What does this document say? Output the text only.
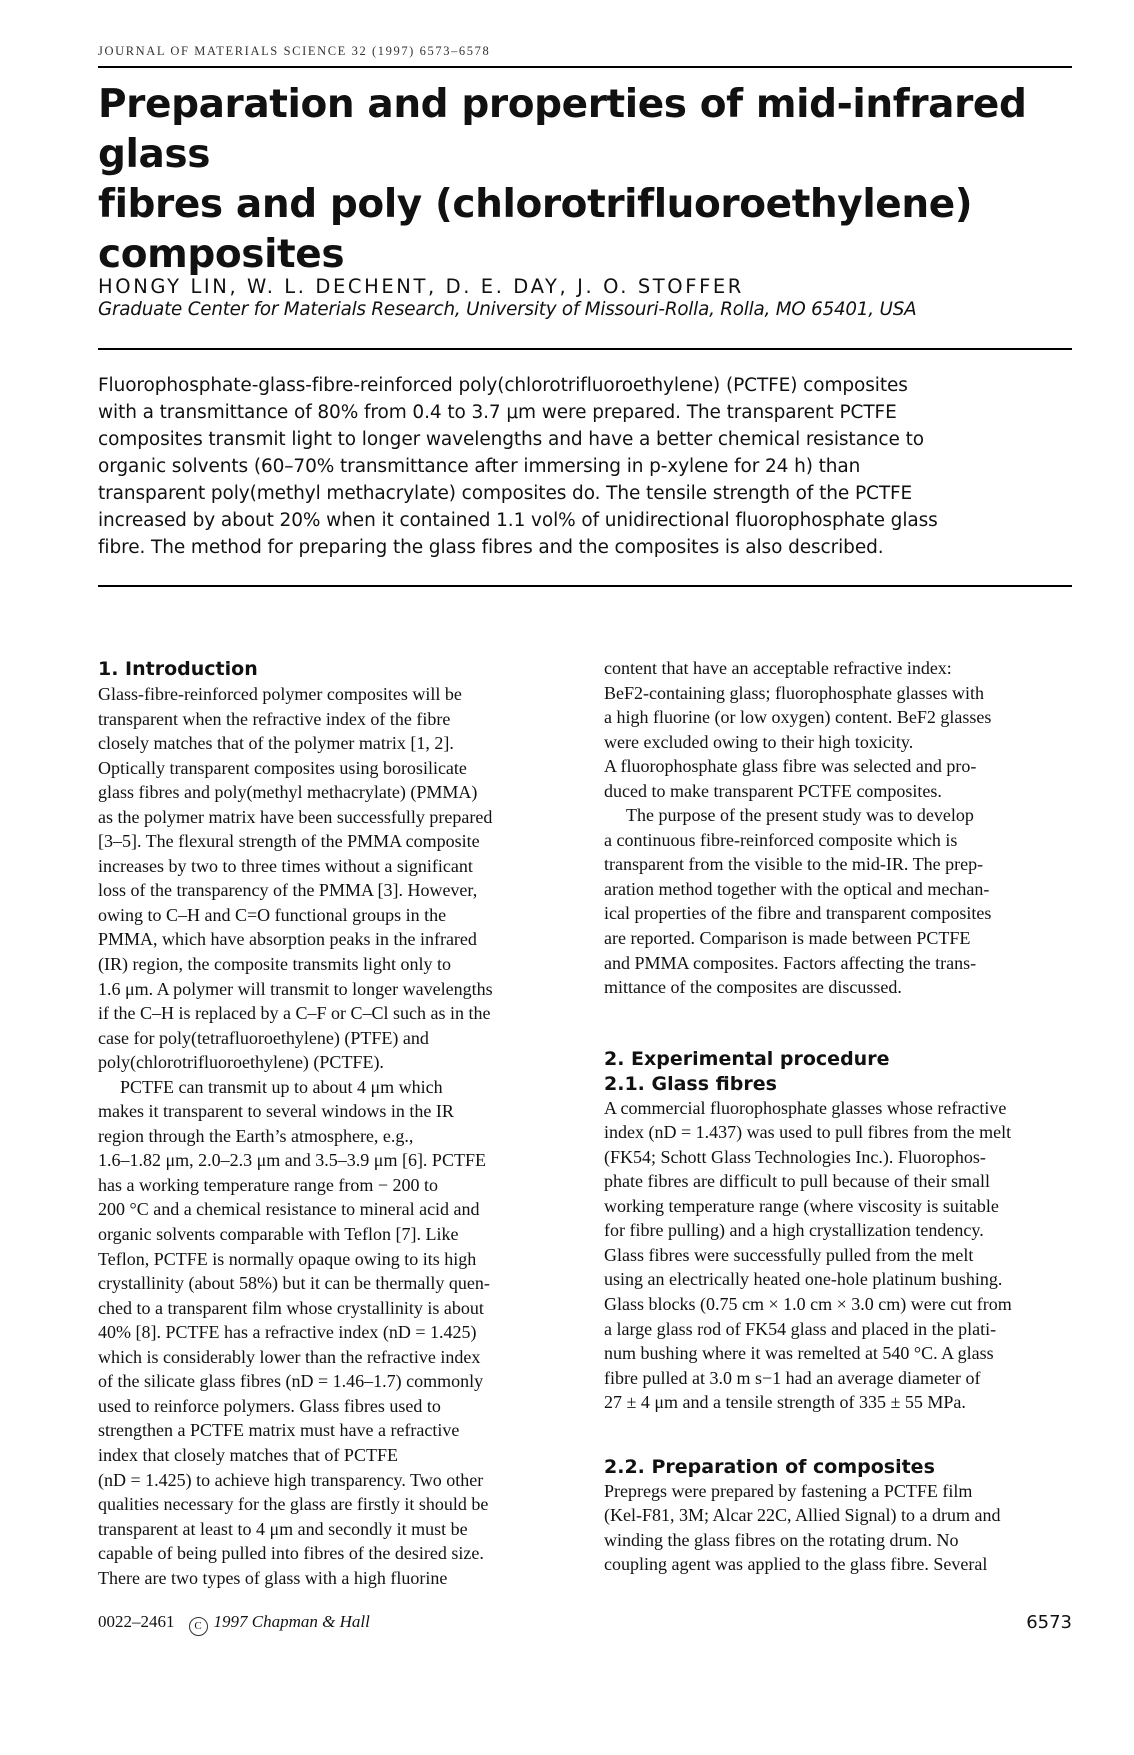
JOURNAL OF MATERIALS SCIENCE 32 (1997) 6573–6578
Preparation and properties of mid-infrared glass
fibres and poly (chlorotrifluoroethylene)
composites
HONGY LIN, W. L. DECHENT, D. E. DAY, J. O. STOFFER
Graduate Center for Materials Research, University of Missouri-Rolla, Rolla, MO 65401, USA
Fluorophosphate-glass-fibre-reinforced poly(chlorotrifluoroethylene) (PCTFE) composites
with a transmittance of 80% from 0.4 to 3.7 μm were prepared. The transparent PCTFE
composites transmit light to longer wavelengths and have a better chemical resistance to
organic solvents (60–70% transmittance after immersing in p-xylene for 24 h) than
transparent poly(methyl methacrylate) composites do. The tensile strength of the PCTFE
increased by about 20% when it contained 1.1 vol% of unidirectional fluorophosphate glass
fibre. The method for preparing the glass fibres and the composites is also described.
1. Introduction

Glass-fibre-reinforced polymer composites will be
transparent when the refractive index of the fibre
closely matches that of the polymer matrix [1, 2].
Optically transparent composites using borosilicate
glass fibres and poly(methyl methacrylate) (PMMA)
as the polymer matrix have been successfully prepared
[3–5]. The flexural strength of the PMMA composite
increases by two to three times without a significant
loss of the transparency of the PMMA [3]. However,
owing to C–H and C=O functional groups in the
PMMA, which have absorption peaks in the infrared
(IR) region, the composite transmits light only to
1.6 μm. A polymer will transmit to longer wavelengths
if the C–H is replaced by a C–F or C–Cl such as in the
case for poly(tetrafluoroethylene) (PTFE) and
poly(chlorotrifluoroethylene) (PCTFE).

PCTFE can transmit up to about 4 μm which
makes it transparent to several windows in the IR
region through the Earth’s atmosphere, e.g.,
1.6–1.82 μm, 2.0–2.3 μm and 3.5–3.9 μm [6]. PCTFE
has a working temperature range from − 200 to
200 °C and a chemical resistance to mineral acid and
organic solvents comparable with Teflon [7]. Like
Teflon, PCTFE is normally opaque owing to its high
crystallinity (about 58%) but it can be thermally quen-
ched to a transparent film whose crystallinity is about
40% [8]. PCTFE has a refractive index (nD = 1.425)
which is considerably lower than the refractive index
of the silicate glass fibres (nD = 1.46–1.7) commonly
used to reinforce polymers. Glass fibres used to
strengthen a PCTFE matrix must have a refractive
index that closely matches that of PCTFE
(nD = 1.425) to achieve high transparency. Two other
qualities necessary for the glass are firstly it should be
transparent at least to 4 μm and secondly it must be
capable of being pulled into fibres of the desired size.
There are two types of glass with a high fluorine

content that have an acceptable refractive index:
BeF2-containing glass; fluorophosphate glasses with
a high fluorine (or low oxygen) content. BeF2 glasses
were excluded owing to their high toxicity.
A fluorophosphate glass fibre was selected and pro-
duced to make transparent PCTFE composites.

The purpose of the present study was to develop
a continuous fibre-reinforced composite which is
transparent from the visible to the mid-IR. The prep-
aration method together with the optical and mechan-
ical properties of the fibre and transparent composites
are reported. Comparison is made between PCTFE
and PMMA composites. Factors affecting the trans-
mittance of the composites are discussed.

2. Experimental procedure
2.1. Glass fibres

A commercial fluorophosphate glasses whose refractive
index (nD = 1.437) was used to pull fibres from the melt
(FK54; Schott Glass Technologies Inc.). Fluorophos-
phate fibres are difficult to pull because of their small
working temperature range (where viscosity is suitable
for fibre pulling) and a high crystallization tendency.
Glass fibres were successfully pulled from the melt
using an electrically heated one-hole platinum bushing.
Glass blocks (0.75 cm × 1.0 cm × 3.0 cm) were cut from
a large glass rod of FK54 glass and placed in the plati-
num bushing where it was remelted at 540 °C. A glass
fibre pulled at 3.0 m s−1 had an average diameter of
27 ± 4 μm and a tensile strength of 335 ± 55 MPa.

2.2. Preparation of composites

Prepregs were prepared by fastening a PCTFE film
(Kel-F81, 3M; Alcar 22C, Allied Signal) to a drum and
winding the glass fibres on the rotating drum. No
coupling agent was applied to the glass fibre. Several

0022–2461 C 1997 Chapman & Hall	6573
